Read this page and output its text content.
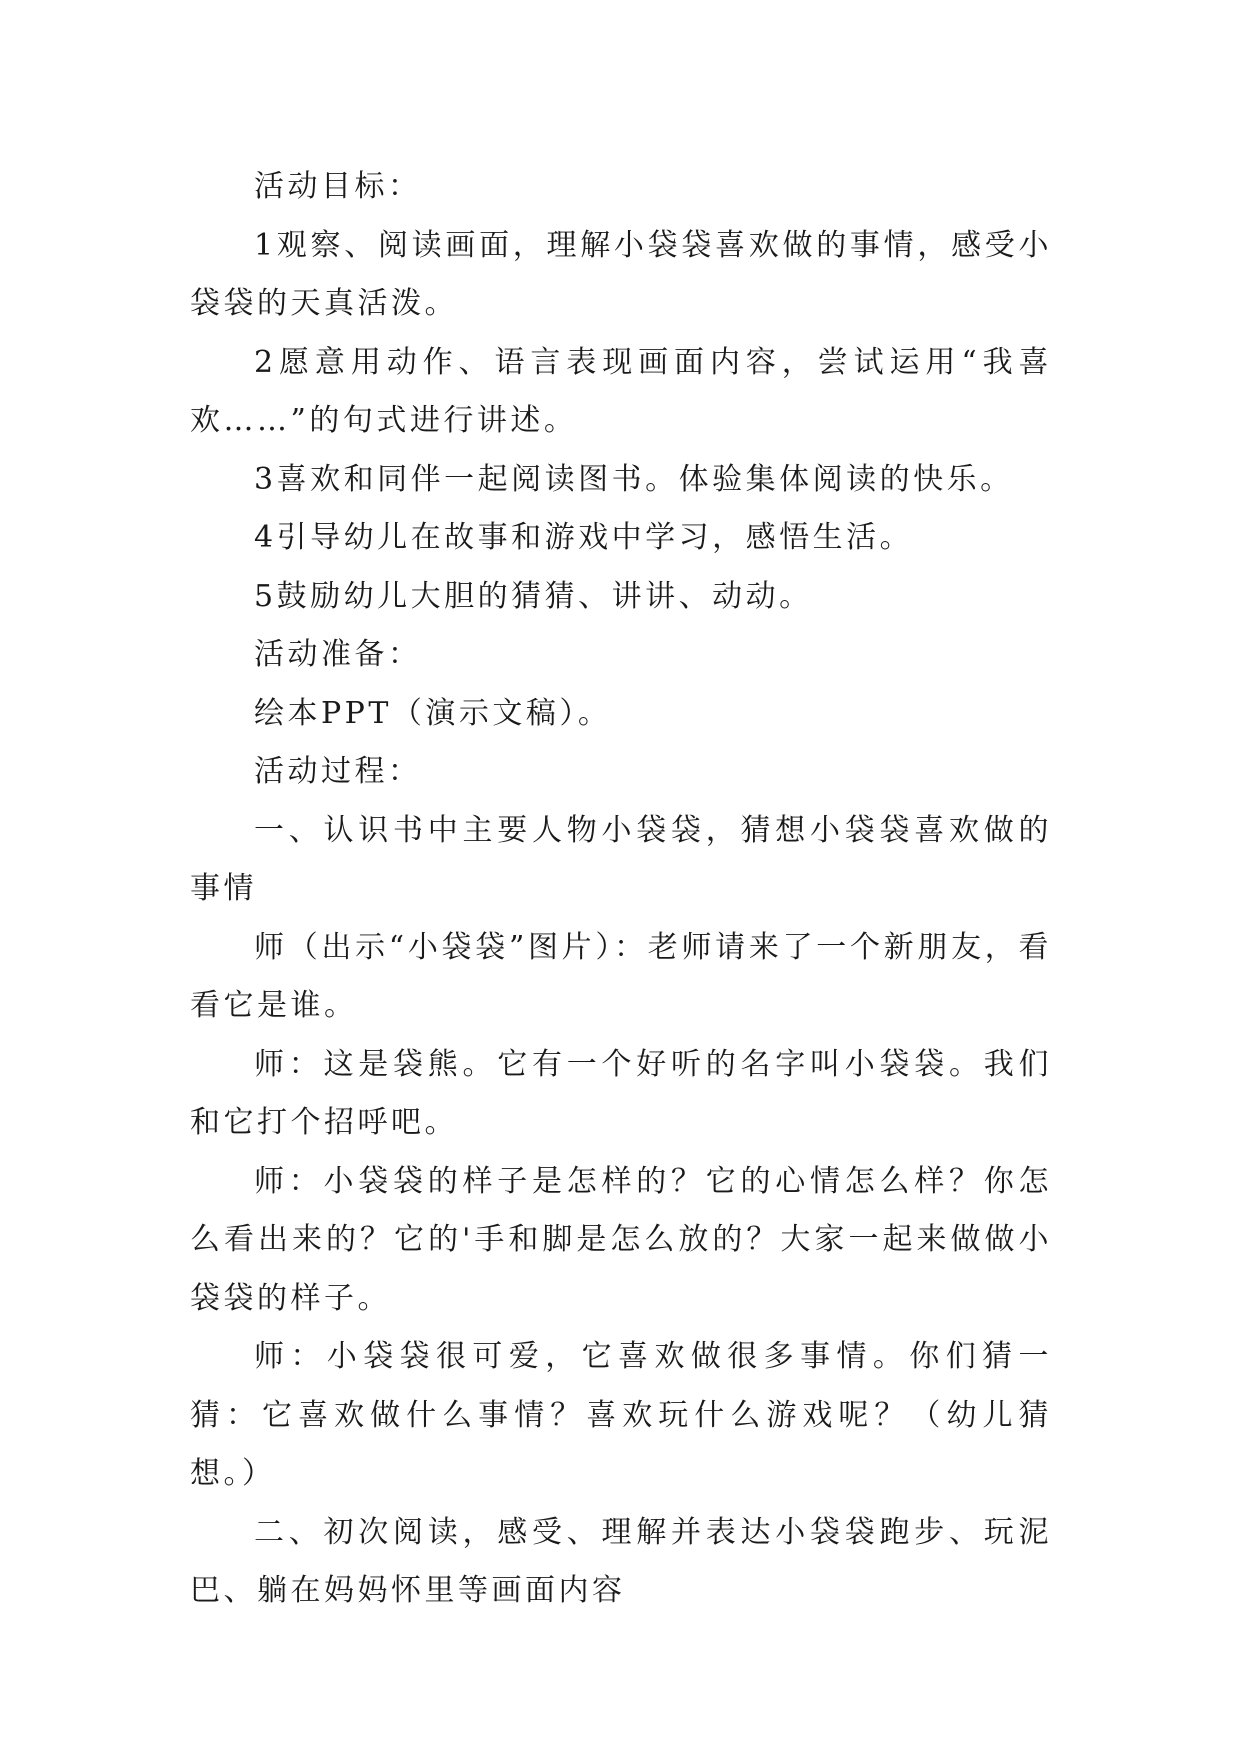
活动目标：

1观察、阅读画面，理解小袋袋喜欢做的事情，感受小袋袋的天真活泼。

2愿意用动作、语言表现画面内容，尝试运用“我喜欢……”的句式进行讲述。

3喜欢和同伴一起阅读图书。体验集体阅读的快乐。

4引导幼儿在故事和游戏中学习，感悟生活。

5鼓励幼儿大胆的猜猜、讲讲、动动。

活动准备：

绘本PPT（演示文稿）。

活动过程：

一、认识书中主要人物小袋袋，猜想小袋袋喜欢做的事情

师（出示“小袋袋”图片）：老师请来了一个新朋友，看看它是谁。

师：这是袋熊。它有一个好听的名字叫小袋袋。我们和它打个招呼吧。

师：小袋袋的样子是怎样的？它的心情怎么样？你怎么看出来的？它的'手和脚是怎么放的？大家一起来做做小袋袋的样子。

师：小袋袋很可爱，它喜欢做很多事情。你们猜一猜：它喜欢做什么事情？喜欢玩什么游戏呢？（幼儿猜想。）

二、初次阅读，感受、理解并表达小袋袋跑步、玩泥巴、躺在妈妈怀里等画面内容
